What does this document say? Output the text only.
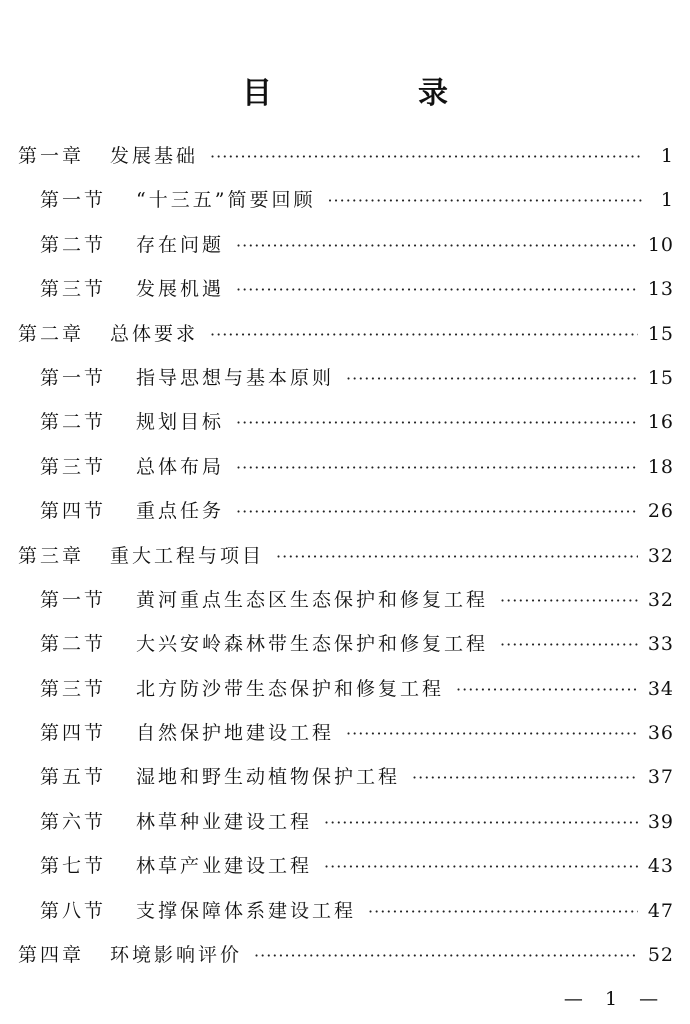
目　录
第一章 发展基础 ·····	1
第一节 “十三五”简要回顾 ·····	1
第二节 存在问题 ·····	10
第三节 发展机遇 ·····	13
第二章 总体要求 ·····	15
第一节 指导思想与基本原则 ·····	15
第二节 规划目标 ·····	16
第三节 总体布局 ·····	18
第四节 重点任务 ·····	26
第三章 重大工程与项目 ·····	32
第一节 黄河重点生态区生态保护和修复工程 ·····	32
第二节 大兴安岭森林带生态保护和修复工程 ·····	33
第三节 北方防沙带生态保护和修复工程 ·····	34
第四节 自然保护地建设工程 ·····	36
第五节 湿地和野生动植物保护工程 ·····	37
第六节 林草种业建设工程 ·····	39
第七节 林草产业建设工程 ·····	43
第八节 支撑保障体系建设工程 ·····	47
第四章 环境影响评价 ·····	52
— 1 —
